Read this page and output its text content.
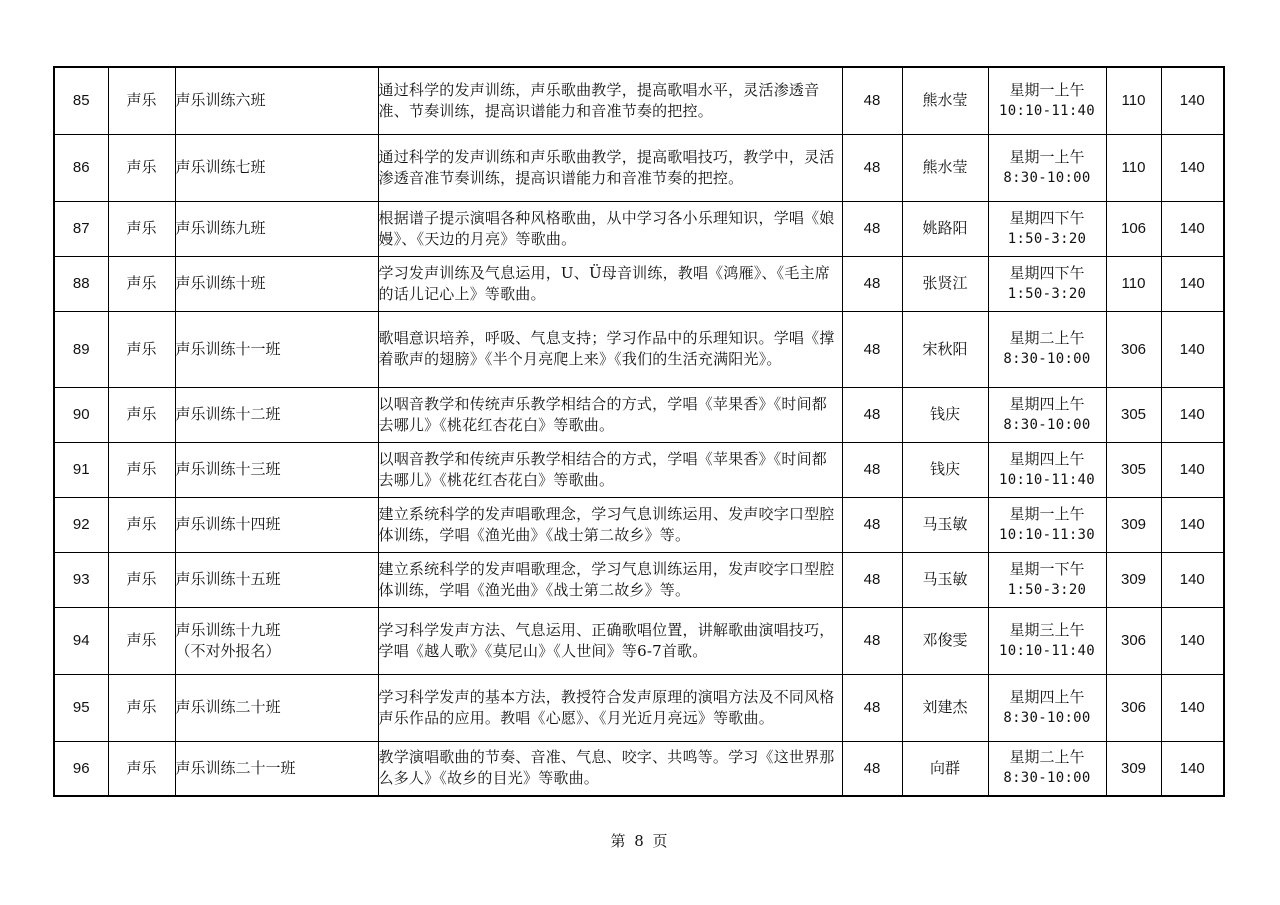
85	声乐	声乐训练六班	通过科学的发声训练，声乐歌曲教学，提高歌唱水平，灵活渗透音准、节奏训练，提高识谱能力和音准节奏的把控。	48	熊水莹	星期一上午
10:10-11:40	110	140
86	声乐	声乐训练七班	通过科学的发声训练和声乐歌曲教学，提高歌唱技巧，教学中，灵活渗透音准节奏训练，提高识谱能力和音准节奏的把控。	48	熊水莹	星期一上午
8:30-10:00	110	140
87	声乐	声乐训练九班	根据谱子提示演唱各种风格歌曲，从中学习各小乐理知识，学唱《娘嫚》、《天边的月亮》等歌曲。	48	姚路阳	星期四下午
1:50-3:20	106	140
88	声乐	声乐训练十班	学习发声训练及气息运用，U、Ü母音训练，教唱《鸿雁》、《毛主席的话儿记心上》等歌曲。	48	张贤江	星期四下午
1:50-3:20	110	140
89	声乐	声乐训练十一班	歌唱意识培养，呼吸、气息支持；学习作品中的乐理知识。学唱《撑着歌声的翅膀》《半个月亮爬上来》《我们的生活充满阳光》。	48	宋秋阳	星期二上午
8:30-10:00	306	140
90	声乐	声乐训练十二班	以咽音教学和传统声乐教学相结合的方式，学唱《苹果香》《时间都去哪儿》《桃花红杏花白》等歌曲。	48	钱庆	星期四上午
8:30-10:00	305	140
91	声乐	声乐训练十三班	以咽音教学和传统声乐教学相结合的方式，学唱《苹果香》《时间都去哪儿》《桃花红杏花白》等歌曲。	48	钱庆	星期四上午
10:10-11:40	305	140
92	声乐	声乐训练十四班	建立系统科学的发声唱歌理念，学习气息训练运用、发声咬字口型腔体训练，学唱《渔光曲》《战士第二故乡》等。	48	马玉敏	星期一上午
10:10-11:30	309	140
93	声乐	声乐训练十五班	建立系统科学的发声唱歌理念，学习气息训练运用，发声咬字口型腔体训练，学唱《渔光曲》《战士第二故乡》等。	48	马玉敏	星期一下午
1:50-3:20	309	140
94	声乐	声乐训练十九班
（不对外报名）	学习科学发声方法、气息运用、正确歌唱位置，讲解歌曲演唱技巧，学唱《越人歌》《莫尼山》《人世间》等6-7首歌。	48	邓俊雯	星期三上午
10:10-11:40	306	140
95	声乐	声乐训练二十班	学习科学发声的基本方法，教授符合发声原理的演唱方法及不同风格声乐作品的应用。教唱《心愿》、《月光近月亮远》等歌曲。	48	刘建杰	星期四上午
8:30-10:00	306	140
96	声乐	声乐训练二十一班	教学演唱歌曲的节奏、音准、气息、咬字、共鸣等。学习《这世界那么多人》《故乡的目光》等歌曲。	48	向群	星期二上午
8:30-10:00	309	140
第 8 页
